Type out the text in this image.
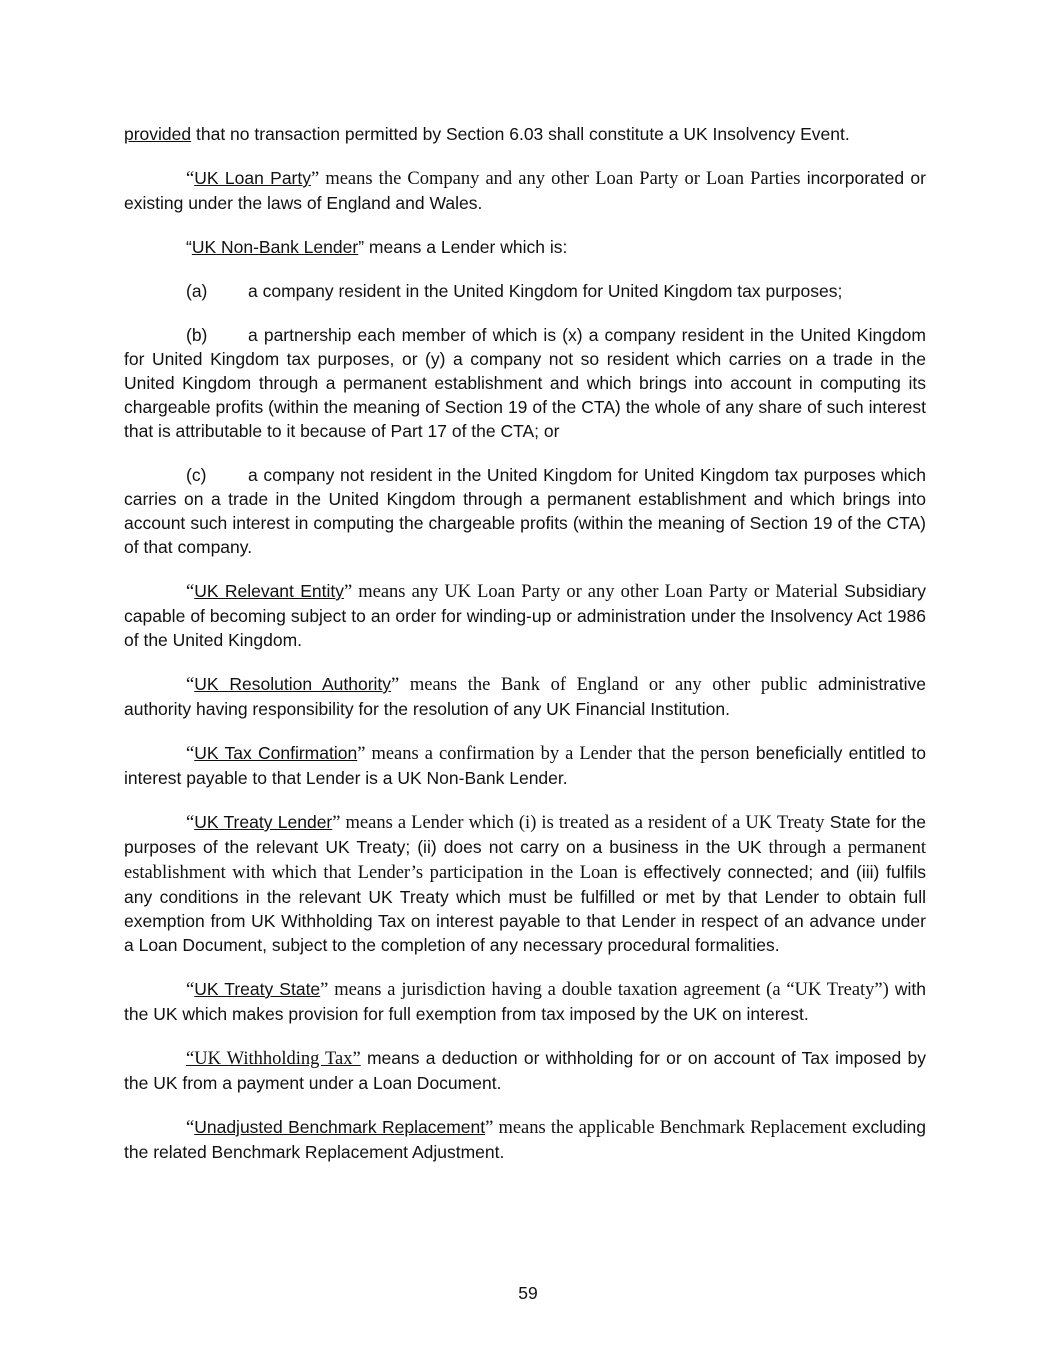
provided that no transaction permitted by Section 6.03 shall constitute a UK Insolvency Event.

“UK Loan Party” means the Company and any other Loan Party or Loan Parties incorporated or existing under the laws of England and Wales.

“UK Non-Bank Lender” means a Lender which is:

(a) a company resident in the United Kingdom for United Kingdom tax purposes;

(b) a partnership each member of which is (x) a company resident in the United Kingdom for United Kingdom tax purposes, or (y) a company not so resident which carries on a trade in the United Kingdom through a permanent establishment and which brings into account in computing its chargeable profits (within the meaning of Section 19 of the CTA) the whole of any share of such interest that is attributable to it because of Part 17 of the CTA; or

(c) a company not resident in the United Kingdom for United Kingdom tax purposes which carries on a trade in the United Kingdom through a permanent establishment and which brings into account such interest in computing the chargeable profits (within the meaning of Section 19 of the CTA) of that company.

“UK Relevant Entity” means any UK Loan Party or any other Loan Party or Material Subsidiary capable of becoming subject to an order for winding-up or administration under the Insolvency Act 1986 of the United Kingdom.

“UK Resolution Authority” means the Bank of England or any other public administrative authority having responsibility for the resolution of any UK Financial Institution.

“UK Tax Confirmation” means a confirmation by a Lender that the person beneficially entitled to interest payable to that Lender is a UK Non-Bank Lender.

“UK Treaty Lender” means a Lender which (i) is treated as a resident of a UK Treaty State for the purposes of the relevant UK Treaty; (ii) does not carry on a business in the UK through a permanent establishment with which that Lender’s participation in the Loan is effectively connected; and (iii) fulfils any conditions in the relevant UK Treaty which must be fulfilled or met by that Lender to obtain full exemption from UK Withholding Tax on interest payable to that Lender in respect of an advance under a Loan Document, subject to the completion of any necessary procedural formalities.

“UK Treaty State” means a jurisdiction having a double taxation agreement (a “UK Treaty”) with the UK which makes provision for full exemption from tax imposed by the UK on interest.

“UK Withholding Tax” means a deduction or withholding for or on account of Tax imposed by the UK from a payment under a Loan Document.

“Unadjusted Benchmark Replacement” means the applicable Benchmark Replacement excluding the related Benchmark Replacement Adjustment.

59
